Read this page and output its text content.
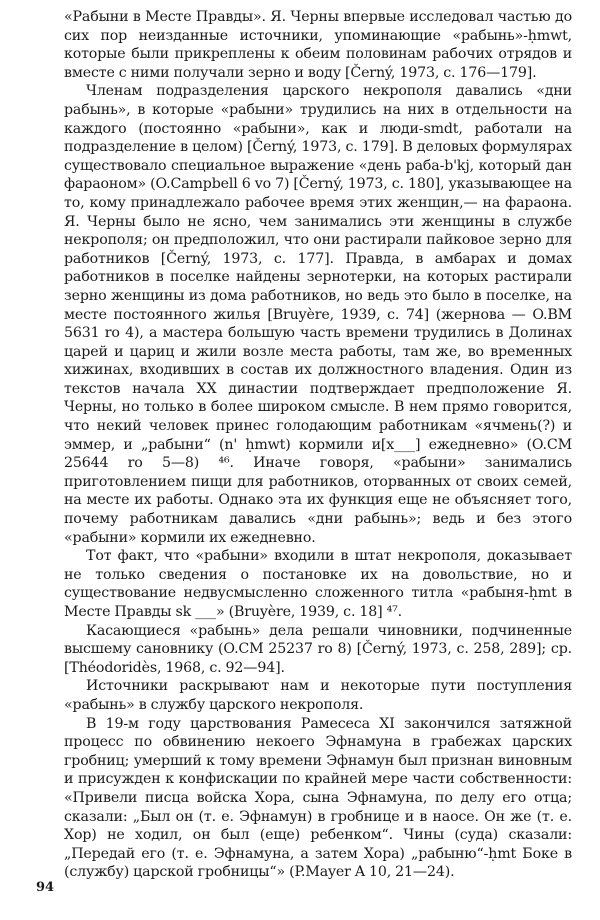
«Рабыни в Месте Правды». Я. Черны впервые исследовал частью до сих пор неизданные источники, упоминающие «рабынь»-ḥmwt, которые были прикреплены к обеим половинам рабочих отрядов и вместе с ними получали зерно и воду [Černý, 1973, с. 176—179].

Членам подразделения царского некрополя давались «дни рабынь», в которые «рабыни» трудились на них в отдельности на каждого (постоянно «рабыни», как и люди-smdt, работали на подразделение в целом) [Černý, 1973, с. 179]. В деловых формулярах существовало специальное выражение «день раба-b'kj, который дан фараоном» (O.Campbell 6 vo 7) [Černý, 1973, с. 180], указывающее на то, кому принадлежало рабочее время этих женщин,— на фараона. Я. Черны было не ясно, чем занимались эти женщины в службе некрополя; он предположил, что они растирали пайковое зерно для работников [Černý, 1973, с. 177]. Правда, в амбарах и домах работников в поселке найдены зернотерки, на которых растирали зерно женщины из дома работников, но ведь это было в поселке, на месте постоянного жилья [Bruyère, 1939, с. 74] (жернова — O.BM 5631 ro 4), а мастера большую часть времени трудились в Долинах царей и цариц и жили возле места работы, там же, во временных хижинах, входивших в состав их должностного владения. Один из текстов начала XX династии подтверждает предположение Я. Черны, но только в более широком смысле. В нем прямо говорится, что некий человек принес голодающим работникам «ячмень(?) и эммер, и „рабыни“ (n' ḥmwt) кормили и[x___] ежедневно» (O.CM 25644 ro 5—8) ⁴⁶. Иначе говоря, «рабыни» занимались приготовлением пищи для работников, оторванных от своих семей, на месте их работы. Однако эта их функция еще не объясняет того, почему работникам давались «дни рабынь»; ведь и без этого «рабыни» кормили их ежедневно.

Тот факт, что «рабыни» входили в штат некрополя, доказывает не только сведения о постановке их на довольствие, но и существование недвусмысленно сложенного титла «рабыня-ḥmt в Месте Правды sk ___» (Bruyère, 1939, с. 18] ⁴⁷.

Касающиеся «рабынь» дела решали чиновники, подчиненные высшему сановнику (O.CM 25237 ro 8) [Černý, 1973, с. 258, 289]; ср. [Théodoridès, 1968, с. 92—94].

Источники раскрывают нам и некоторые пути поступления «рабынь» в службу царского некрополя.

В 19-м году царствования Рамесеса XI закончился затяжной процесс по обвинению некоего Эфнамуна в грабежах царских гробниц; умерший к тому времени Эфнамун был признан виновным и присужден к конфискации по крайней мере части собственности: «Привели писца войска Хора, сына Эфнамуна, по делу его отца; сказали: „Был он (т. е. Эфнамун) в гробнице и в наосе. Он же (т. е. Хор) не ходил, он был (еще) ребенком“. Чины (суда) сказали: „Передай его (т. е. Эфнамуна, а затем Хора) „рабыню“-ḥmt Боке в (службу) царской гробницы“» (P.Mayer A 10, 21—24).

94
